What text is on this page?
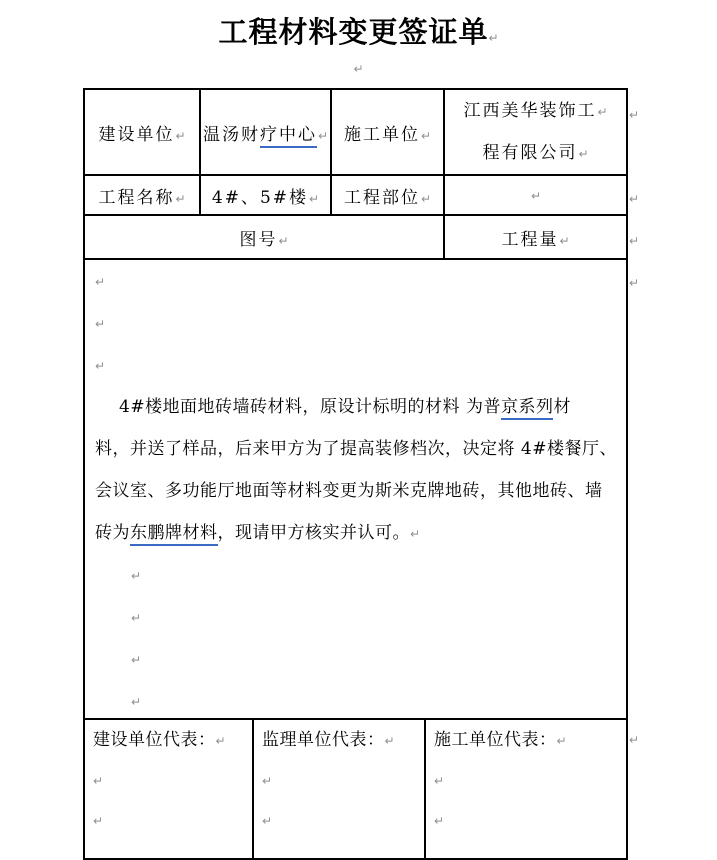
工程材料变更签证单↵
↵
建设单位↵	温汤财疗中心↵	施工单位↵	江西美华装饰工↵
程有限公司↵

工程名称↵	4#、5#楼↵	工程部位↵	↵
图号↵			工程量↵

↵
↵
↵
4#楼地面地砖墙砖材料，原设计标明的材料 为普京系列材
料，并送了样品，后来甲方为了提高装修档次，决定将 4#楼餐厅、
会议室、多功能厅地面等材料变更为斯米克牌地砖，其他地砖、墙
砖为东鹏牌材料，现请甲方核实并认可。↵
↵
↵
↵
↵
建设单位代表：↵
↵
↵

监理单位代表：↵
↵
↵

施工单位代表：↵
↵
↵
↵
↵
↵
↵
↵
